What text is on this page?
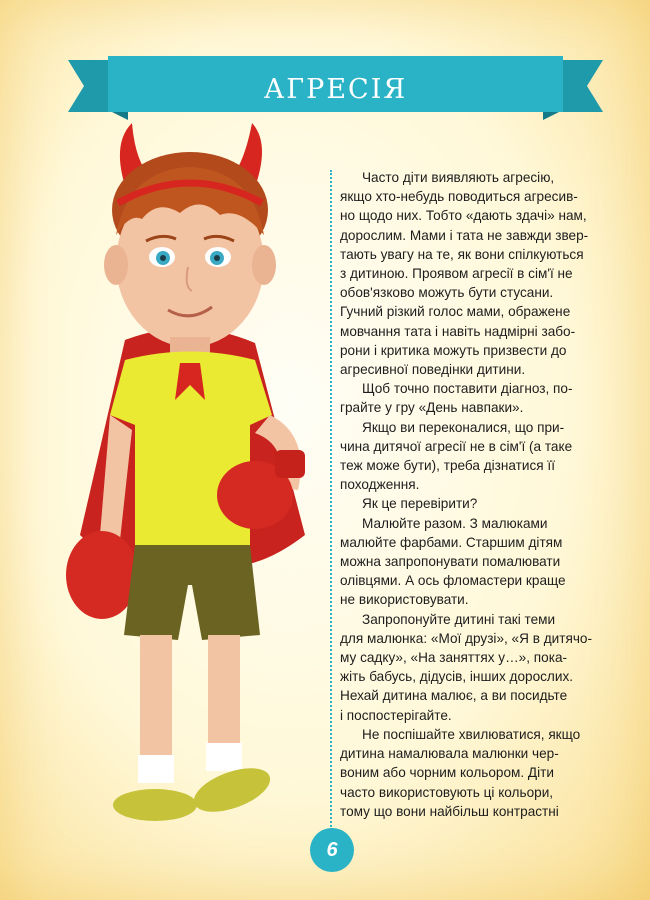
АГРЕСІЯ
Часто діти виявляють агресію,
якщо хто-небудь поводиться агресив-
но щодо них. Тобто «дають здачі» нам,
дорослим. Мами і тата не завжди звер-
тають увагу на те, як вони спілкуються
з дитиною. Проявом агресії в сім'ї не
обов'язково можуть бути стусани.
Гучний різкий голос мами, ображене
мовчання тата і навіть надмірні забо-
рони і критика можуть призвести до
агресивної поведінки дитини.
Щоб точно поставити діагноз, по-
грайте у гру «День навпаки».
Якщо ви переконалися, що при-
чина дитячої агресії не в сім'ї (а таке
теж може бути), треба дізнатися її
походження.
Як це перевірити?
Малюйте разом. З малюками
малюйте фарбами. Старшим дітям
можна запропонувати помалювати
олівцями. А ось фломастери краще
не використовувати.
Запропонуйте дитині такі теми
для малюнка: «Мої друзі», «Я в дитячо-
му садку», «На заняттях у…», пока-
жіть бабусь, дідусів, інших дорослих.
Нехай дитина малює, а ви посидьте
і поспостерігайте.
Не поспішайте хвилюватися, якщо
дитина намалювала малюнки чер-
воним або чорним кольором. Діти
часто використовують ці кольори,
тому що вони найбільш контрастні
6
